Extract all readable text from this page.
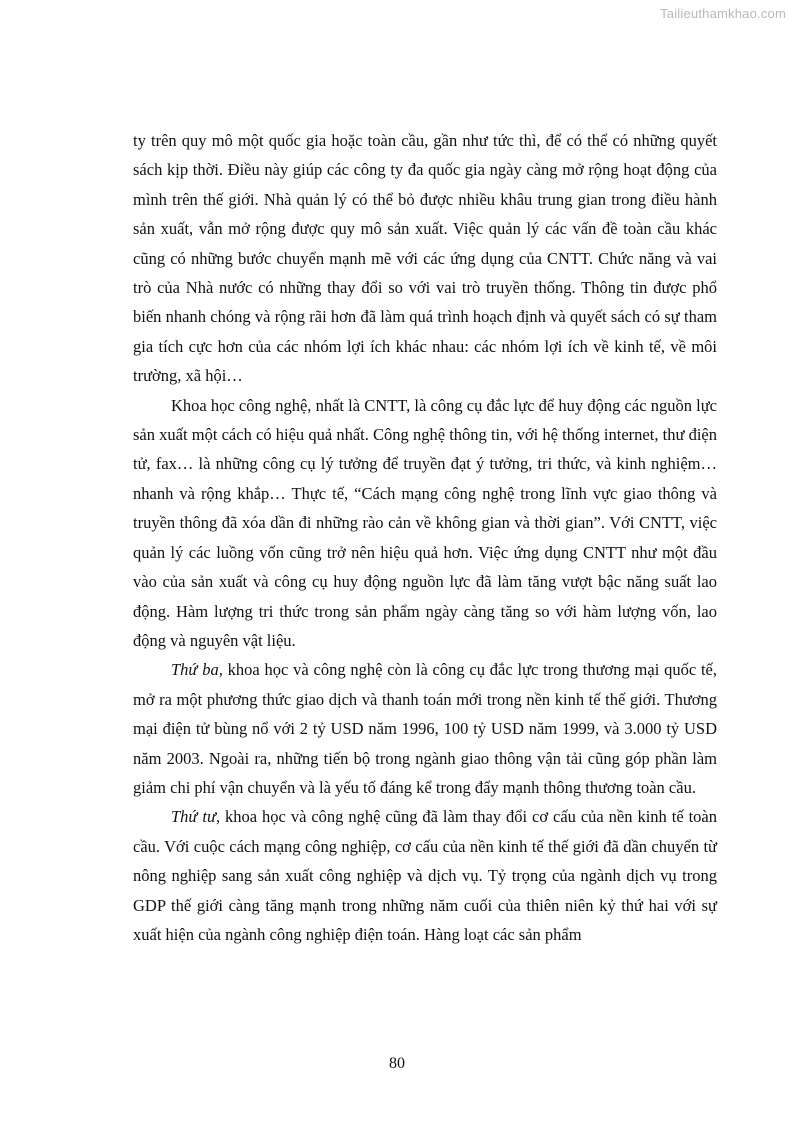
Tailieuthamkhao.com

ty trên quy mô một quốc gia hoặc toàn cầu, gần như tức thì, để có thể có những quyết sách kịp thời. Điều này giúp các công ty đa quốc gia ngày càng mở rộng hoạt động của mình trên thế giới. Nhà quản lý có thể bỏ được nhiều khâu trung gian trong điều hành sản xuất, vẫn mở rộng được quy mô sản xuất. Việc quản lý các vấn đề toàn cầu khác cũng có những bước chuyển mạnh mẽ với các ứng dụng của CNTT. Chức năng và vai trò của Nhà nước có những thay đổi so với vai trò truyền thống. Thông tin được phổ biến nhanh chóng và rộng rãi hơn đã làm quá trình hoạch định và quyết sách có sự tham gia tích cực hơn của các nhóm lợi ích khác nhau: các nhóm lợi ích về kinh tế, về môi trường, xã hội…

Khoa học công nghệ, nhất là CNTT, là công cụ đắc lực để huy động các nguồn lực sản xuất một cách có hiệu quả nhất. Công nghệ thông tin, với hệ thống internet, thư điện tử, fax… là những công cụ lý tưởng để truyền đạt ý tưởng, tri thức, và kinh nghiệm… nhanh và rộng khắp… Thực tế, “Cách mạng công nghệ trong lĩnh vực giao thông và truyền thông đã xóa dần đi những rào cản về không gian và thời gian”. Với CNTT, việc quản lý các luồng vốn cũng trở nên hiệu quả hơn. Việc ứng dụng CNTT như một đầu vào của sản xuất và công cụ huy động nguồn lực đã làm tăng vượt bậc năng suất lao động. Hàm lượng tri thức trong sản phẩm ngày càng tăng so với hàm lượng vốn, lao động và nguyên vật liệu.

Thứ ba, khoa học và công nghệ còn là công cụ đắc lực trong thương mại quốc tế, mở ra một phương thức giao dịch và thanh toán mới trong nền kinh tế thế giới. Thương mại điện tử bùng nổ với 2 tỷ USD năm 1996, 100 tỷ USD năm 1999, và 3.000 tỷ USD năm 2003. Ngoài ra, những tiến bộ trong ngành giao thông vận tải cũng góp phần làm giảm chi phí vận chuyển và là yếu tố đáng kể trong đẩy mạnh thông thương toàn cầu.

Thứ tư, khoa học và công nghệ cũng đã làm thay đổi cơ cấu của nền kinh tế toàn cầu. Với cuộc cách mạng công nghiệp, cơ cấu của nền kinh tế thế giới đã dần chuyển từ nông nghiệp sang sản xuất công nghiệp và dịch vụ. Tỷ trọng của ngành dịch vụ trong GDP thế giới càng tăng mạnh trong những năm cuối của thiên niên kỷ thứ hai với sự xuất hiện của ngành công nghiệp điện toán. Hàng loạt các sản phẩm

80
